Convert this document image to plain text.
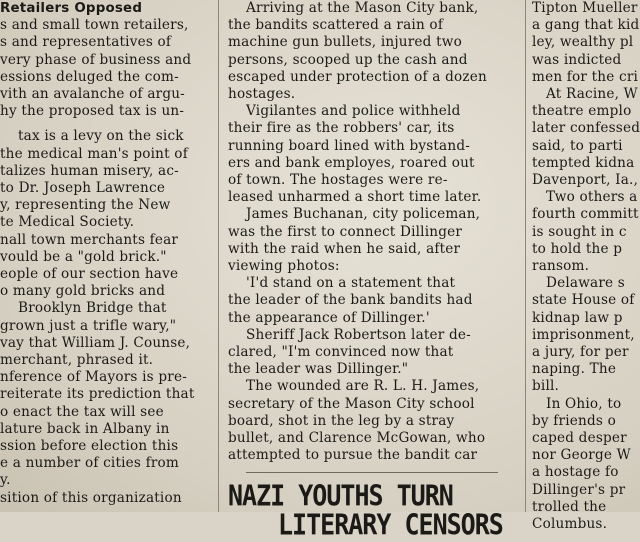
Retailers Opposed
s and small town retailers,
s and representatives of
very phase of business and
essions deluged the com-
vith an avalanche of argu-
hy the proposed tax is un-
tax is a levy on the sick
the medical man's point of
talizes human misery, ac-
to Dr. Joseph Lawrence
y, representing the New
te Medical Society.
nall town merchants fear
vould be a "gold brick."
eople of our section have
o many gold bricks and
Brooklyn Bridge that
grown just a trifle wary,"
vay that William J. Counse,
merchant, phrased it.
nference of Mayors is pre-
reiterate its prediction that
o enact the tax will see
lature back in Albany in
ssion before election this
e a number of cities from
y.
sition of this organization
Arriving at the Mason City bank,
the bandits scattered a rain of
machine gun bullets, injured two
persons, scooped up the cash and
escaped under protection of a dozen
hostages.
Vigilantes and police withheld
their fire as the robbers' car, its
running board lined with bystand-
ers and bank employes, roared out
of town. The hostages were re-
leased unharmed a short time later.
James Buchanan, city policeman,
was the first to connect Dillinger
with the raid when he said, after
viewing photos:
'I'd stand on a statement that
the leader of the bank bandits had
the appearance of Dillinger.'
Sheriff Jack Robertson later de-
clared, "I'm convinced now that
the leader was Dillinger."
The wounded are R. L. H. James,
secretary of the Mason City school
board, shot in the leg by a stray
bullet, and Clarence McGowan, who
attempted to pursue the bandit car
NAZI YOUTHS TURN
LITERARY CENSORS
Tipton Mueller
a gang that kid
ley, wealthy pl
was indicted
men for the cri
At Racine, W
theatre emplo
later confessed
said, to parti
tempted kidna
Davenport, Ia.,
Two others a
fourth committ
is sought in c
to hold the p
ransom.
Delaware s
state House of
kidnap law p
imprisonment,
a jury, for per
naping. The
bill.
In Ohio, to
by friends o
caped desper
nor George W
a hostage fo
Dillinger's pr
trolled the
Columbus.
